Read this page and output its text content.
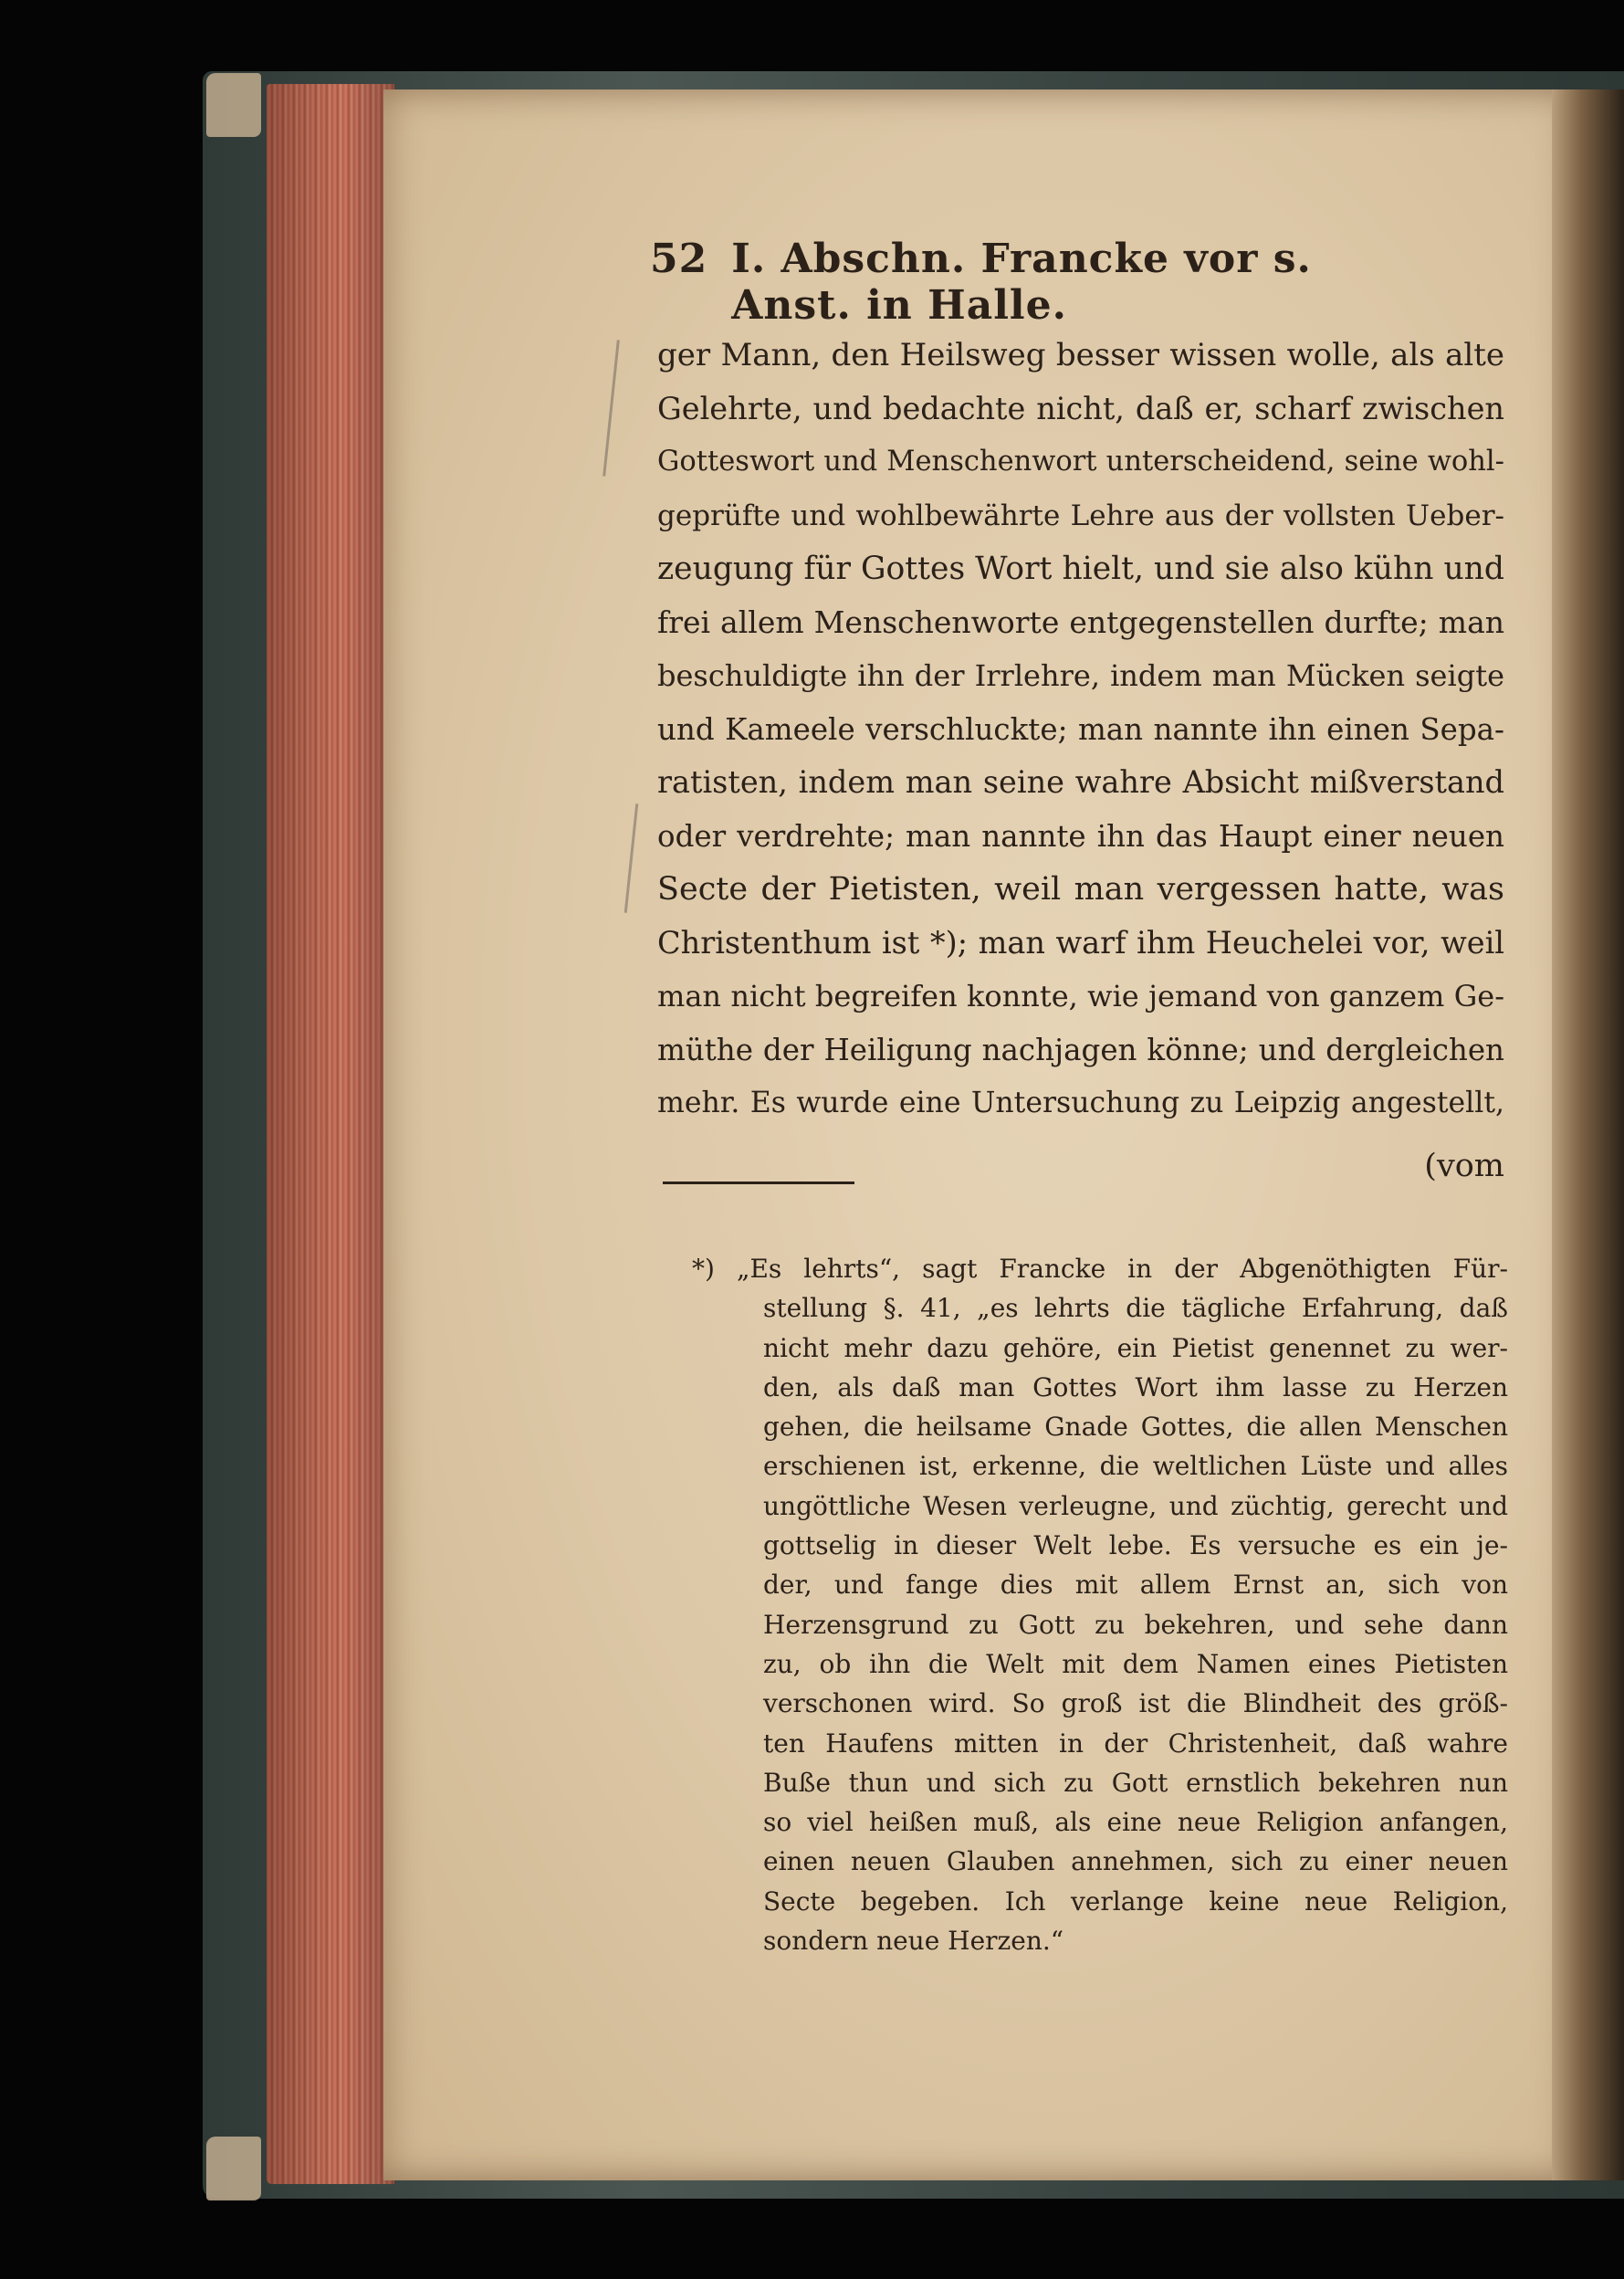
52 I. Abschn. Francke vor s. Anst. in Halle.
ger Mann, den Heilsweg besser wissen wolle, als alte
Gelehrte, und bedachte nicht, daß er, scharf zwischen
Gotteswort und Menschenwort unterscheidend, seine wohl-
geprüfte und wohlbewährte Lehre aus der vollsten Ueber-
zeugung für Gottes Wort hielt, und sie also kühn und
frei allem Menschenworte entgegenstellen durfte; man
beschuldigte ihn der Irrlehre, indem man Mücken seigte
und Kameele verschluckte; man nannte ihn einen Sepa-
ratisten, indem man seine wahre Absicht mißverstand
oder verdrehte; man nannte ihn das Haupt einer neuen
Secte der Pietisten, weil man vergessen hatte, was
Christenthum ist *); man warf ihm Heuchelei vor, weil
man nicht begreifen konnte, wie jemand von ganzem Ge-
müthe der Heiligung nachjagen könne; und dergleichen
mehr. Es wurde eine Untersuchung zu Leipzig angestellt,
(vom
*) „Es lehrts“, sagt Francke in der Abgenöthigten Für-
stellung §. 41, „es lehrts die tägliche Erfahrung, daß
nicht mehr dazu gehöre, ein Pietist genennet zu wer-
den, als daß man Gottes Wort ihm lasse zu Herzen
gehen, die heilsame Gnade Gottes, die allen Menschen
erschienen ist, erkenne, die weltlichen Lüste und alles
ungöttliche Wesen verleugne, und züchtig, gerecht und
gottselig in dieser Welt lebe. Es versuche es ein je-
der, und fange dies mit allem Ernst an, sich von
Herzensgrund zu Gott zu bekehren, und sehe dann
zu, ob ihn die Welt mit dem Namen eines Pietisten
verschonen wird. So groß ist die Blindheit des größ-
ten Haufens mitten in der Christenheit, daß wahre
Buße thun und sich zu Gott ernstlich bekehren nun
so viel heißen muß, als eine neue Religion anfangen,
einen neuen Glauben annehmen, sich zu einer neuen
Secte begeben. Ich verlange keine neue Religion,
sondern neue Herzen.“
